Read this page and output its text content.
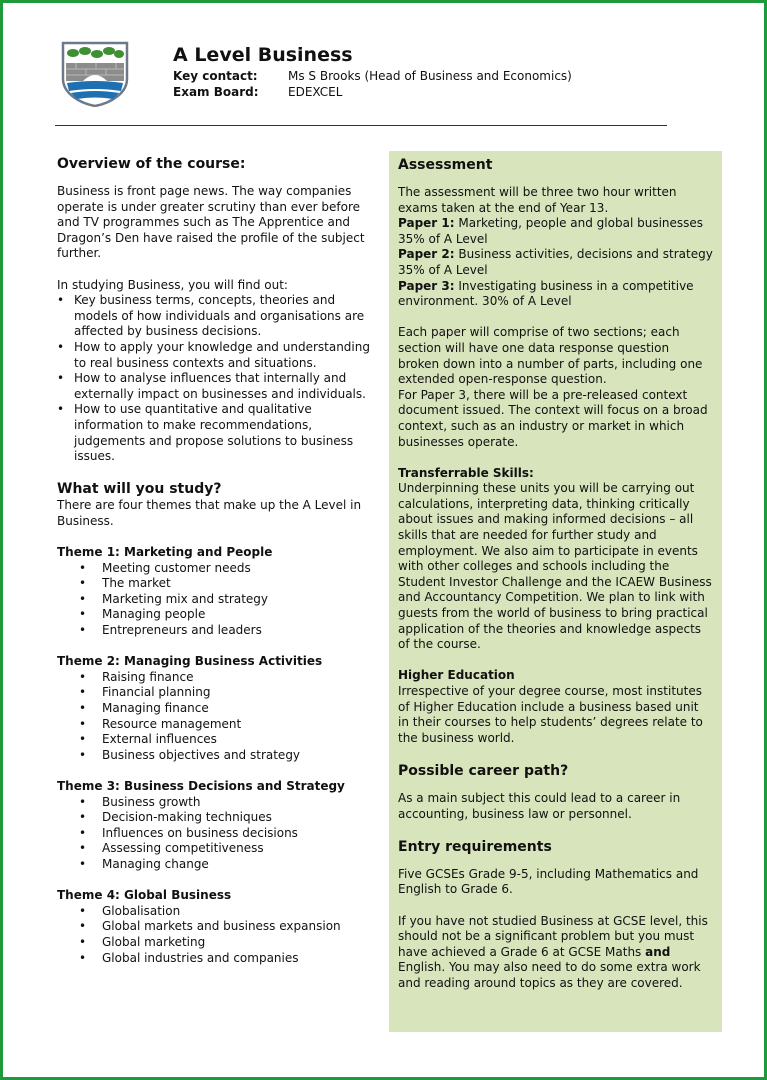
A Level Business
Key contact:	Ms S Brooks (Head of Business and Economics)
Exam Board:	EDEXCEL
Overview of the course:

Business is front page news. The way companies operate is under greater scrutiny than ever before and TV programmes such as The Apprentice and Dragon’s Den have raised the profile of the subject further.

In studying Business, you will find out:

• Key business terms, concepts, theories and models of how individuals and organisations are affected by business decisions.
• How to apply your knowledge and understanding to real business contexts and situations.
• How to analyse influences that internally and externally impact on businesses and individuals.
• How to use quantitative and qualitative information to make recommendations, judgements and propose solutions to business issues.
What will you study?

There are four themes that make up the A Level in Business.

Theme 1: Marketing and People

• Meeting customer needs
• The market
• Marketing mix and strategy
• Managing people
• Entrepreneurs and leaders

Theme 2: Managing Business Activities

• Raising finance
• Financial planning
• Managing finance
• Resource management
• External influences
• Business objectives and strategy

Theme 3: Business Decisions and Strategy

• Business growth
• Decision-making techniques
• Influences on business decisions
• Assessing competitiveness
• Managing change

Theme 4: Global Business

• Globalisation
• Global markets and business expansion
• Global marketing
• Global industries and companies
Assessment

The assessment will be three two hour written exams taken at the end of Year 13.

Paper 1: Marketing, people and global businesses 35% of A Level

Paper 2: Business activities, decisions and strategy 35% of A Level

Paper 3: Investigating business in a competitive environment. 30% of A Level

Each paper will comprise of two sections; each section will have one data response question broken down into a number of parts, including one extended open-response question.

For Paper 3, there will be a pre-released context document issued. The context will focus on a broad context, such as an industry or market in which businesses operate.

Transferrable Skills:

Underpinning these units you will be carrying out calculations, interpreting data, thinking critically about issues and making informed decisions – all skills that are needed for further study and employment. We also aim to participate in events with other colleges and schools including the Student Investor Challenge and the ICAEW Business and Accountancy Competition. We plan to link with guests from the world of business to bring practical application of the theories and knowledge aspects of the course.

Higher Education

Irrespective of your degree course, most institutes of Higher Education include a business based unit in their courses to help students’ degrees relate to the business world.

Possible career path?

As a main subject this could lead to a career in accounting, business law or personnel.

Entry requirements

Five GCSEs Grade 9-5, including Mathematics and English to Grade 6.

If you have not studied Business at GCSE level, this should not be a significant problem but you must have achieved a Grade 6 at GCSE Maths and English. You may also need to do some extra work and reading around topics as they are covered.
